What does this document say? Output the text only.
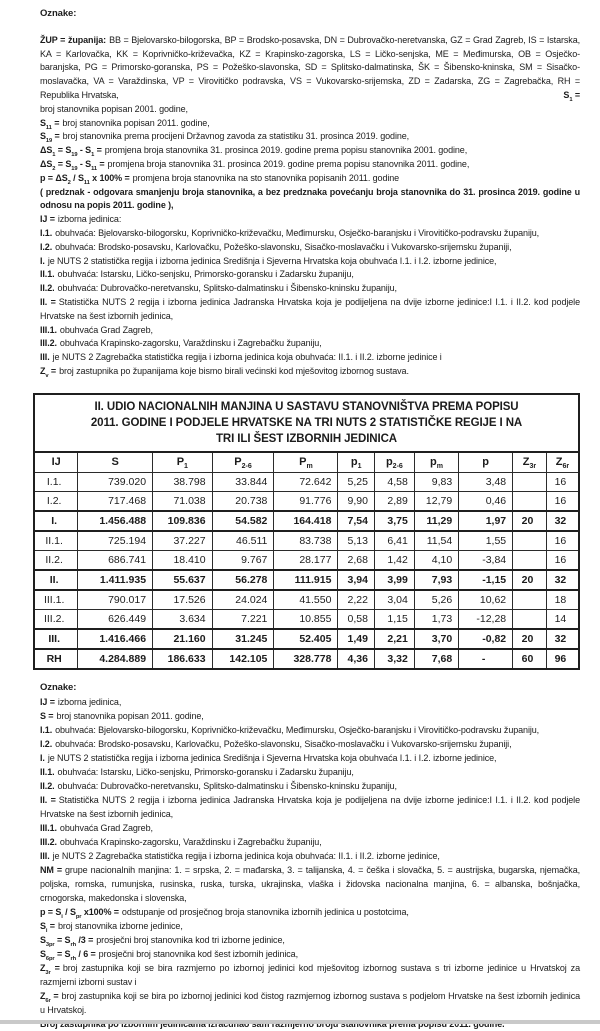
Oznake:

ŽUP = županija: BB = Bjelovarsko-bilogorska, BP = Brodsko-posavska, DN = Dubrovačko-neretvanska, GZ = Grad Zagreb, IS = Istarska, KA = Karlovačka, KK = Koprivničko-križevačka, KZ = Krapinsko-zagorska, LS = Ličko-senjska, ME = Međimurska, OB = Osječko-baranjska, PG = Primorsko-goranska, PS = Požeško-slavonska, SD = Splitsko-dalmatinska, ŠK = Šibensko-kninska, SM = Sisačko-moslavačka, VA = Varaždinska, VP = Virovitičko podravska, VS = Vukovarsko-srijemska, ZD = Zadarska, ZG = Zagrebačka, RH = Republika Hrvatska,	$S_1$ =
broj stanovnika popisan 2001. godine,

$S_{11}$ = broj stanovnika popisan 2011. godine,

$S_{19}$ = broj stanovnika prema procijeni Državnog zavoda za statistiku 31. prosinca 2019. godine,

$\Delta S_1 = S_{19} - S_1$ = promjena broja stanovnika 31. prosinca 2019. godine prema popisu stanovnika 2001. godine,

$\Delta S_2 = S_{19} - S_{11}$ = promjena broja stanovnika 31. prosinca 2019. godine prema popisu stanovnika 2011. godine,

$p = \Delta S_2 / S_{11}$ x 100% = promjena broja stanovnika na sto stanovnika popisanih 2011. godine

( predznak - odgovara smanjenju broja stanovnika, a bez predznaka povećanju broja stanovnika do 31. prosinca 2019. godine u odnosu na popis 2011. godine ),

IJ = izborna jedinica:

I.1. obuhvaća: Bjelovarsko-bilogorsku, Koprivničko-križevačku, Međimursku, Osječko-baranjsku i Virovitičko-podravsku županiju,

I.2. obuhvaća: Brodsko-posavsku, Karlovačku, Požeško-slavonsku, Sisačko-moslavačku i Vukovarsko-srijemsku županiji,

I. je NUTS 2 statistička regija i izborna jedinica Središnja i Sjeverna Hrvatska koja obuhvaća I.1. i I.2. izborne jedinice,

II.1. obuhvaća: Istarsku, Ličko-senjsku, Primorsko-goransku i Zadarsku županiju,

II.2. obuhvaća: Dubrovačko-neretvansku, Splitsko-dalmatinsku i Šibensko-kninsku županiju,

II. = Statistička NUTS 2 regija i izborna jedinica Jadranska Hrvatska koja je podijeljena na dvije izborne jedinice:I I.1. i II.2. kod podjele Hrvatske na šest izbornih jedinica,

III.1. obuhvaća Grad Zagreb,

III.2. obuhvaća Krapinsko-zagorsku, Varaždinsku i Zagrebačku županiju,

III. je NUTS 2 Zagrebačka statistička regija i izborna jedinica koja obuhvaća: II.1. i II.2. izborne jedinice i

$Z_v$ = broj zastupnika po županijama koje bismo birali većinski kod mješovitog izbornog sustava.

II. UDIO NACIONALNIH MANJINA U SASTAVU STANOVNIŠTVA PREMA POPISU
2011. GODINE I PODJELE HRVATSKE NA TRI NUTS 2 STATISTIČKE REGIJE I NA
TRI ILI ŠEST IZBORNIH JEDINICA
IJ	S	$P_1$	$P_{2-6}$	$P_m$	$p_1$	$p_{2-6}$	$p_m$	p	$Z_{3r}$	$Z_{6r}$
I.1.	739.020	38.798	33.844	72.642	5,25	4,58	9,83	3,48		16
I.2.	717.468	71.038	20.738	91.776	9,90	2,89	12,79	0,46		16
I.	1.456.488	109.836	54.582	164.418	7,54	3,75	11,29	1,97	20	32
II.1.	725.194	37.227	46.511	83.738	5,13	6,41	11,54	1,55		16
II.2.	686.741	18.410	9.767	28.177	2,68	1,42	4,10	-3,84		16
II.	1.411.935	55.637	56.278	111.915	3,94	3,99	7,93	-1,15	20	32
III.1.	790.017	17.526	24.024	41.550	2,22	3,04	5,26	10,62		18
III.2.	626.449	3.634	7.221	10.855	0,58	1,15	1,73	-12,28		14
III.	1.416.466	21.160	31.245	52.405	1,49	2,21	3,70	-0,82	20	32
RH	4.284.889	186.633	142.105	328.778	4,36	3,32	7,68	-	60	96

Oznake:

IJ = izborna jedinica,

S = broj stanovnika popisan 2011. godine,

I.1. obuhvaća: Bjelovarsko-bilogorsku, Koprivničko-križevačku, Međimursku, Osječko-baranjsku i Virovitičko-podravsku županiju,

I.2. obuhvaća: Brodsko-posavsku, Karlovačku, Požeško-slavonsku, Sisačko-moslavačku i Vukovarsko-srijemsku županiji,

I. je NUTS 2 statistička regija i izborna jedinica Središnja i Sjeverna Hrvatska koja obuhvaća I.1. i I.2. izborne jedinice,

II.1. obuhvaća: Istarsku, Ličko-senjsku, Primorsko-goransku i Zadarsku županiju,

II.2. obuhvaća: Dubrovačko-neretvansku, Splitsko-dalmatinsku i Šibensko-kninsku županiju,

II. = Statistička NUTS 2 regija i izborna jedinica Jadranska Hrvatska koja je podijeljena na dvije izborne jedinice:I I.1. i II.2. kod podjele Hrvatske na šest izbornih jedinica,

III.1. obuhvaća Grad Zagreb,

III.2. obuhvaća Krapinsko-zagorsku, Varaždinsku i Zagrebačku županiju,

III. je NUTS 2 Zagrebačka statistička regija i izborna jedinica koja obuhvaća: II.1. i II.2. izborne jedinice,

NM = grupe nacionalnih manjina: 1. = srpska, 2. = mađarska, 3. = talijanska, 4. = češka i slovačka, 5. = austrijska, bugarska, njemačka, poljska, romska, rumunjska, rusinska, ruska, turska, ukrajinska, vlaška i židovska nacionalna manjina, 6. = albanska, bošnjačka, crnogorska, makedonska i slovenska,

$p = S_i / S_{pr}$ x100% = odstupanje od prosječnog broja stanovnika izbornih jedinica u postotcima,

$S_i$ = broj stanovnika izborne jedinice,

$S_{3pr} = S_{rh}$ /3 = prosječni broj stanovnika kod tri izborne jedinice,

$S_{6pr} = S_{rh} / 6$ = prosječni broj stanovnika kod šest izbornih jedinica,

$Z_{3r}$ = broj zastupnika koji se bira razmjerno po izbornoj jedinici kod mješovitog izbornog sustava s tri izborne jedinice u Hrvatskoj za razmjerni izborni sustav i

$Z_{6r}$ = broj zastupnika koji se bira po izbornoj jedinici kod čistog razmjernog izbornog sustava s podjelom Hrvatske na šest izbornih jedinica u Hrvatskoj.
